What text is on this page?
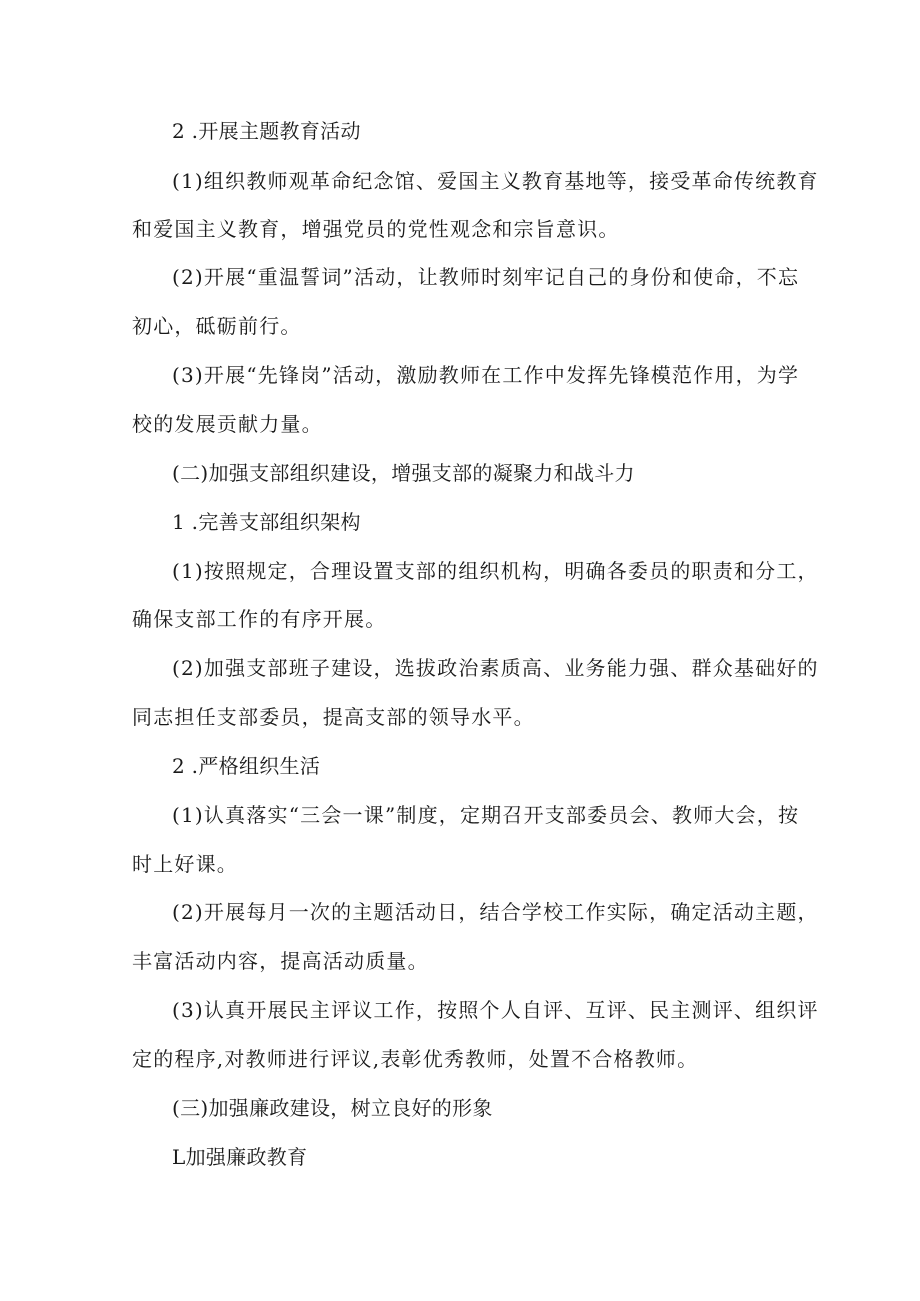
2 .开展主题教育活动
(1)组织教师观革命纪念馆、爱国主义教育基地等，接受革命传统教育
和爱国主义教育，增强党员的党性观念和宗旨意识。
(2)开展“重温誓词”活动，让教师时刻牢记自己的身份和使命，不忘
初心，砥砺前行。
(3)开展“先锋岗”活动，激励教师在工作中发挥先锋模范作用，为学
校的发展贡献力量。
(二)加强支部组织建设，增强支部的凝聚力和战斗力
1 .完善支部组织架构
(1)按照规定，合理设置支部的组织机构，明确各委员的职责和分工，
确保支部工作的有序开展。
(2)加强支部班子建设，选拔政治素质高、业务能力强、群众基础好的
同志担任支部委员，提高支部的领导水平。
2 .严格组织生活
(1)认真落实“三会一课”制度，定期召开支部委员会、教师大会，按
时上好课。
(2)开展每月一次的主题活动日，结合学校工作实际，确定活动主题，
丰富活动内容，提高活动质量。
(3)认真开展民主评议工作，按照个人自评、互评、民主测评、组织评
定的程序,对教师进行评议,表彰优秀教师，处置不合格教师。
(三)加强廉政建设，树立良好的形象
L加强廉政教育
